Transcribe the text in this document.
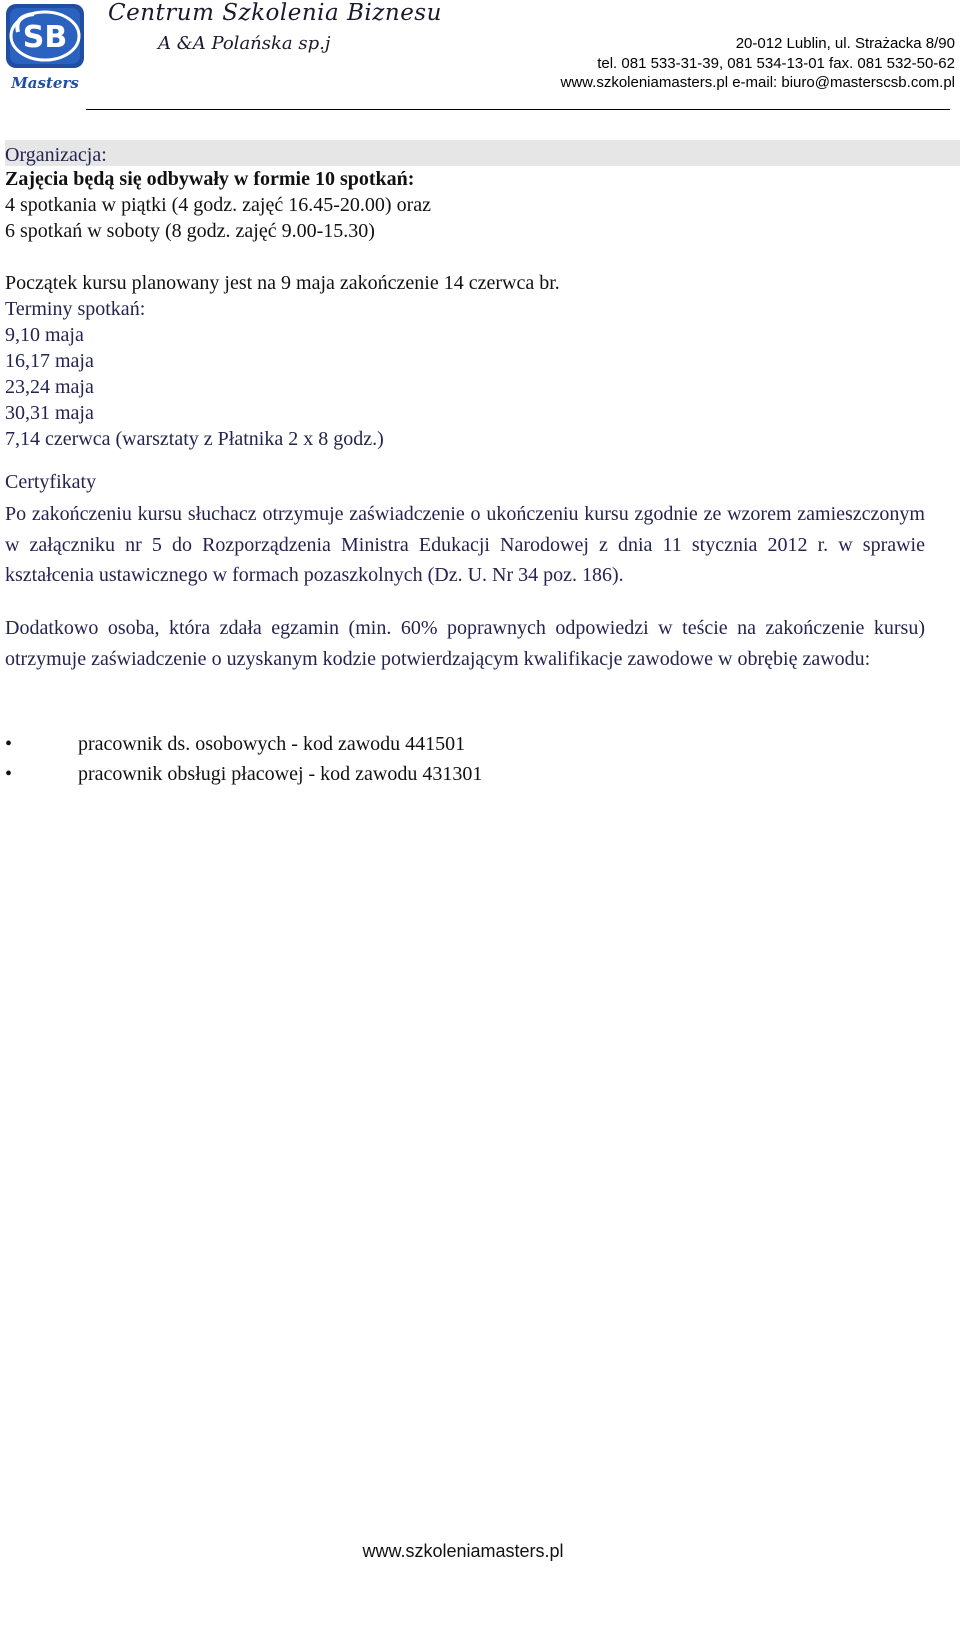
SB
Masters
Centrum Szkolenia Biznesu
A &A Polańska sp.j	20-012 Lublin, ul. Strażacka 8/90
tel. 081 533-31-39, 081 534-13-01 fax. 081 532-50-62
www.szkoleniamasters.pl e-mail: biuro@masterscsb.com.pl
Organizacja:
Zajęcia będą się odbywały w formie 10 spotkań:
4 spotkania w piątki (4 godz. zajęć 16.45-20.00) oraz
6 spotkań w soboty (8 godz. zajęć 9.00-15.30)
Początek kursu planowany jest na 9 maja zakończenie 14 czerwca br.
Terminy spotkań:
9,10 maja
16,17 maja
23,24 maja
30,31 maja
7,14 czerwca (warsztaty z Płatnika 2 x 8 godz.)
Certyfikaty
Po zakończeniu kursu słuchacz otrzymuje zaświadczenie o ukończeniu kursu zgodnie ze wzorem zamieszczonym w załączniku nr 5 do Rozporządzenia Ministra Edukacji Narodowej z dnia 11 stycznia 2012 r. w sprawie kształcenia ustawicznego w formach pozaszkolnych (Dz. U. Nr 34 poz. 186).
Dodatkowo osoba, która zdała egzamin (min. 60% poprawnych odpowiedzi w teście na zakończenie kursu) otrzymuje zaświadczenie o uzyskanym kodzie potwierdzającym kwalifikacje zawodowe w obrębię zawodu:
•	pracownik ds. osobowych - kod zawodu 441501
•	pracownik obsługi płacowej - kod zawodu 431301
www.szkoleniamasters.pl
